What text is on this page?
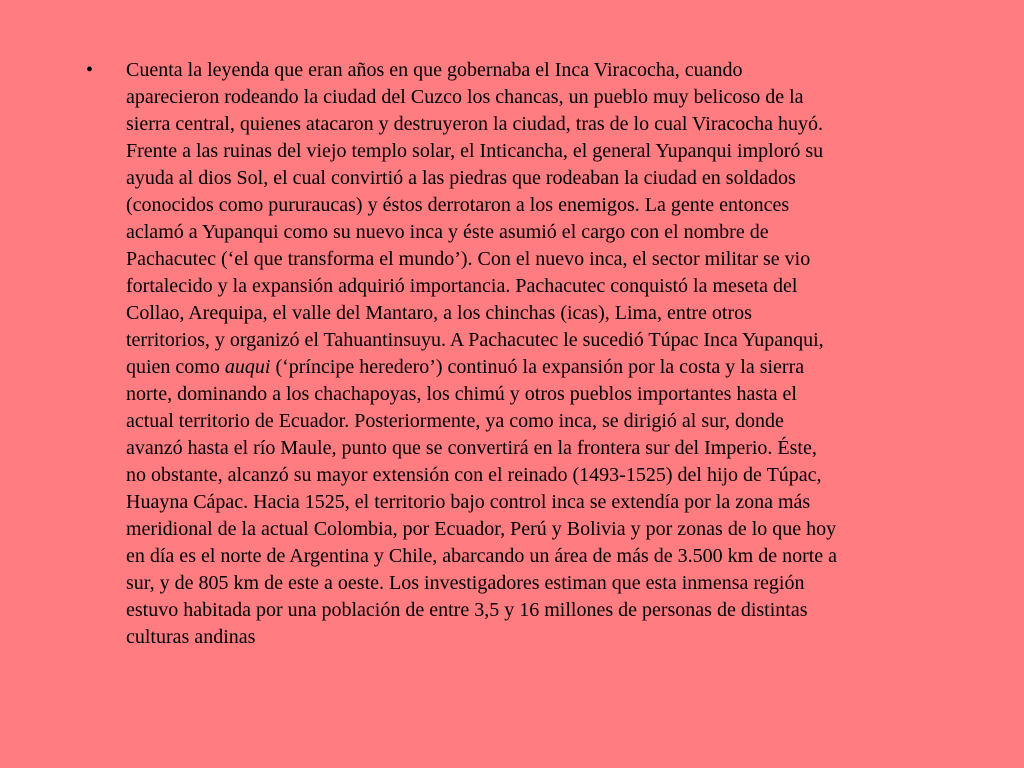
• Cuenta la leyenda que eran años en que gobernaba el Inca Viracocha, cuando
aparecieron rodeando la ciudad del Cuzco los chancas, un pueblo muy belicoso de la
sierra central, quienes atacaron y destruyeron la ciudad, tras de lo cual Viracocha huyó.
Frente a las ruinas del viejo templo solar, el Inticancha, el general Yupanqui imploró su
ayuda al dios Sol, el cual convirtió a las piedras que rodeaban la ciudad en soldados
(conocidos como pururaucas) y éstos derrotaron a los enemigos. La gente entonces
aclamó a Yupanqui como su nuevo inca y éste asumió el cargo con el nombre de
Pachacutec (‘el que transforma el mundo’). Con el nuevo inca, el sector militar se vio
fortalecido y la expansión adquirió importancia. Pachacutec conquistó la meseta del
Collao, Arequipa, el valle del Mantaro, a los chinchas (icas), Lima, entre otros
territorios, y organizó el Tahuantinsuyu. A Pachacutec le sucedió Túpac Inca Yupanqui,
quien como auqui (‘príncipe heredero’) continuó la expansión por la costa y la sierra
norte, dominando a los chachapoyas, los chimú y otros pueblos importantes hasta el
actual territorio de Ecuador. Posteriormente, ya como inca, se dirigió al sur, donde
avanzó hasta el río Maule, punto que se convertirá en la frontera sur del Imperio. Éste,
no obstante, alcanzó su mayor extensión con el reinado (1493-1525) del hijo de Túpac,
Huayna Cápac. Hacia 1525, el territorio bajo control inca se extendía por la zona más
meridional de la actual Colombia, por Ecuador, Perú y Bolivia y por zonas de lo que hoy
en día es el norte de Argentina y Chile, abarcando un área de más de 3.500 km de norte a
sur, y de 805 km de este a oeste. Los investigadores estiman que esta inmensa región
estuvo habitada por una población de entre 3,5 y 16 millones de personas de distintas
culturas andinas
